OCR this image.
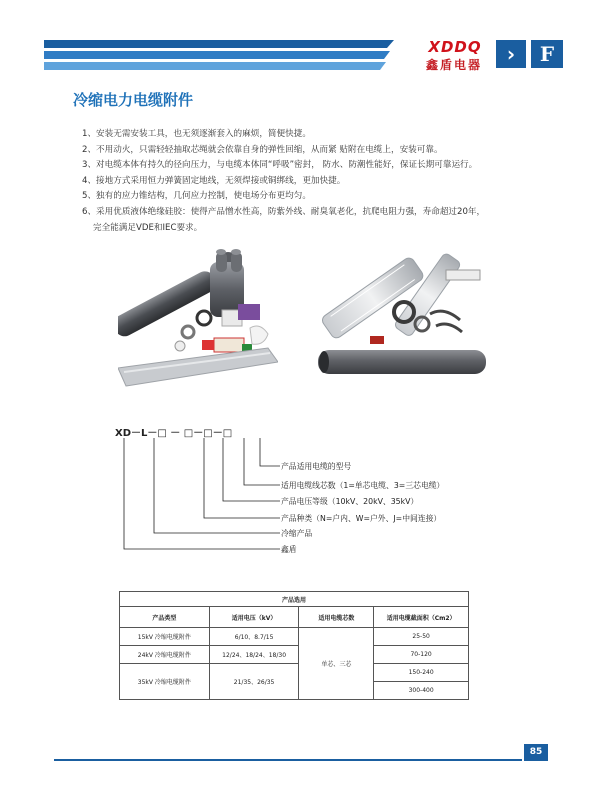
XDDQ
鑫盾电器	›	F
冷缩电力电缆附件
1、安装无需安装工具，也无须逐渐套入的麻烦，简便快捷。
2、不用动火，只需轻轻抽取芯绳就会依靠自身的弹性回缩，从而紧 贴附在电缆上，安装可靠。
3、对电缆本体有持久的径向压力，与电缆本体同“呼吸”密封， 防水、防潮性能好，保证长期可靠运行。
4、接地方式采用恒力弹簧固定地线，无须焊接或铜绑线，更加快捷。
5、独有的应力锥结构，几何应力控制，使电场分布更均匀。
6、采用优质液体绝缘硅胶：使得产品憎水性高，防紫外线、耐臭氧老化，抗爬电阻力强，寿命超过20年，
完全能满足VDE和IEC要求。
XD－L－□ － □－□－□
产品适用电缆的型号
适用电缆线芯数（1=单芯电缆、3=三芯电缆）
产品电压等级（10kV、20kV、35kV）
产品种类（N=户内、W=户外、J=中间连接）
冷缩产品
鑫盾
产品选用			
产品类型	适用电压（kV）	适用电缆芯数	适用电缆截面积（Cm2）
15kV 冷缩电缆附件	6/10、8.7/15	单芯、三芯	25-50
24kV 冷缩电缆附件	12/24、18/24、18/30		70-120
35kV 冷缩电缆附件	21/35、26/35		150-240
			300-400
85
